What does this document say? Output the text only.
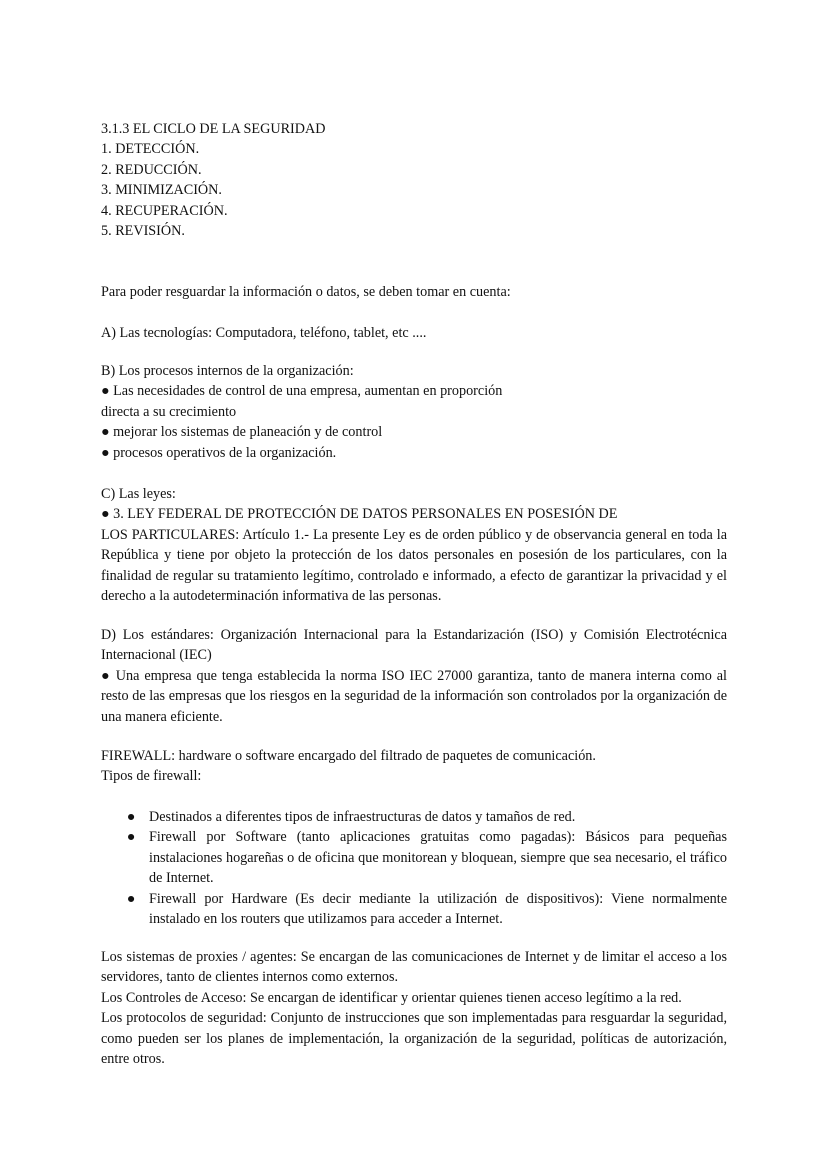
3.1.3 EL CICLO DE LA SEGURIDAD
1. DETECCIÓN.
2. REDUCCIÓN.
3. MINIMIZACIÓN.
4. RECUPERACIÓN.
5. REVISIÓN.
Para poder resguardar la información o datos, se deben tomar en cuenta:
A) Las tecnologías: Computadora, teléfono, tablet, etc ....
B) Los procesos internos de la organización:
● Las necesidades de control de una empresa, aumentan en proporción
directa a su crecimiento
● mejorar los sistemas de planeación y de control
● procesos operativos de la organización.
C) Las leyes:
● 3. LEY FEDERAL DE PROTECCIÓN DE DATOS PERSONALES EN POSESIÓN DE
LOS PARTICULARES: Artículo 1.- La presente Ley es de orden público y de observancia general en toda la República y tiene por objeto la protección de los datos personales en posesión de los particulares, con la finalidad de regular su tratamiento legítimo, controlado e informado, a efecto de garantizar la privacidad y el derecho a la autodeterminación informativa de las personas.
D) Los estándares: Organización Internacional para la Estandarización (ISO) y Comisión Electrotécnica Internacional (IEC)
● Una empresa que tenga establecida la norma ISO IEC 27000 garantiza, tanto de manera interna como al resto de las empresas que los riesgos en la seguridad de la información son controlados por la organización de una manera eficiente.
FIREWALL: hardware o software encargado del filtrado de paquetes de comunicación.
Tipos de firewall:
● Destinados a diferentes tipos de infraestructuras de datos y tamaños de red.
● Firewall por Software (tanto aplicaciones gratuitas como pagadas): Básicos para pequeñas instalaciones hogareñas o de oficina que monitorean y bloquean, siempre que sea necesario, el tráfico de Internet.
● Firewall por Hardware (Es decir mediante la utilización de dispositivos): Viene normalmente instalado en los routers que utilizamos para acceder a Internet.
Los sistemas de proxies / agentes: Se encargan de las comunicaciones de Internet y de limitar el acceso a los servidores, tanto de clientes internos como externos.
Los Controles de Acceso: Se encargan de identificar y orientar quienes tienen acceso legítimo a la red.
Los protocolos de seguridad: Conjunto de instrucciones que son implementadas para resguardar la seguridad, como pueden ser los planes de implementación, la organización de la seguridad, políticas de autorización, entre otros.
